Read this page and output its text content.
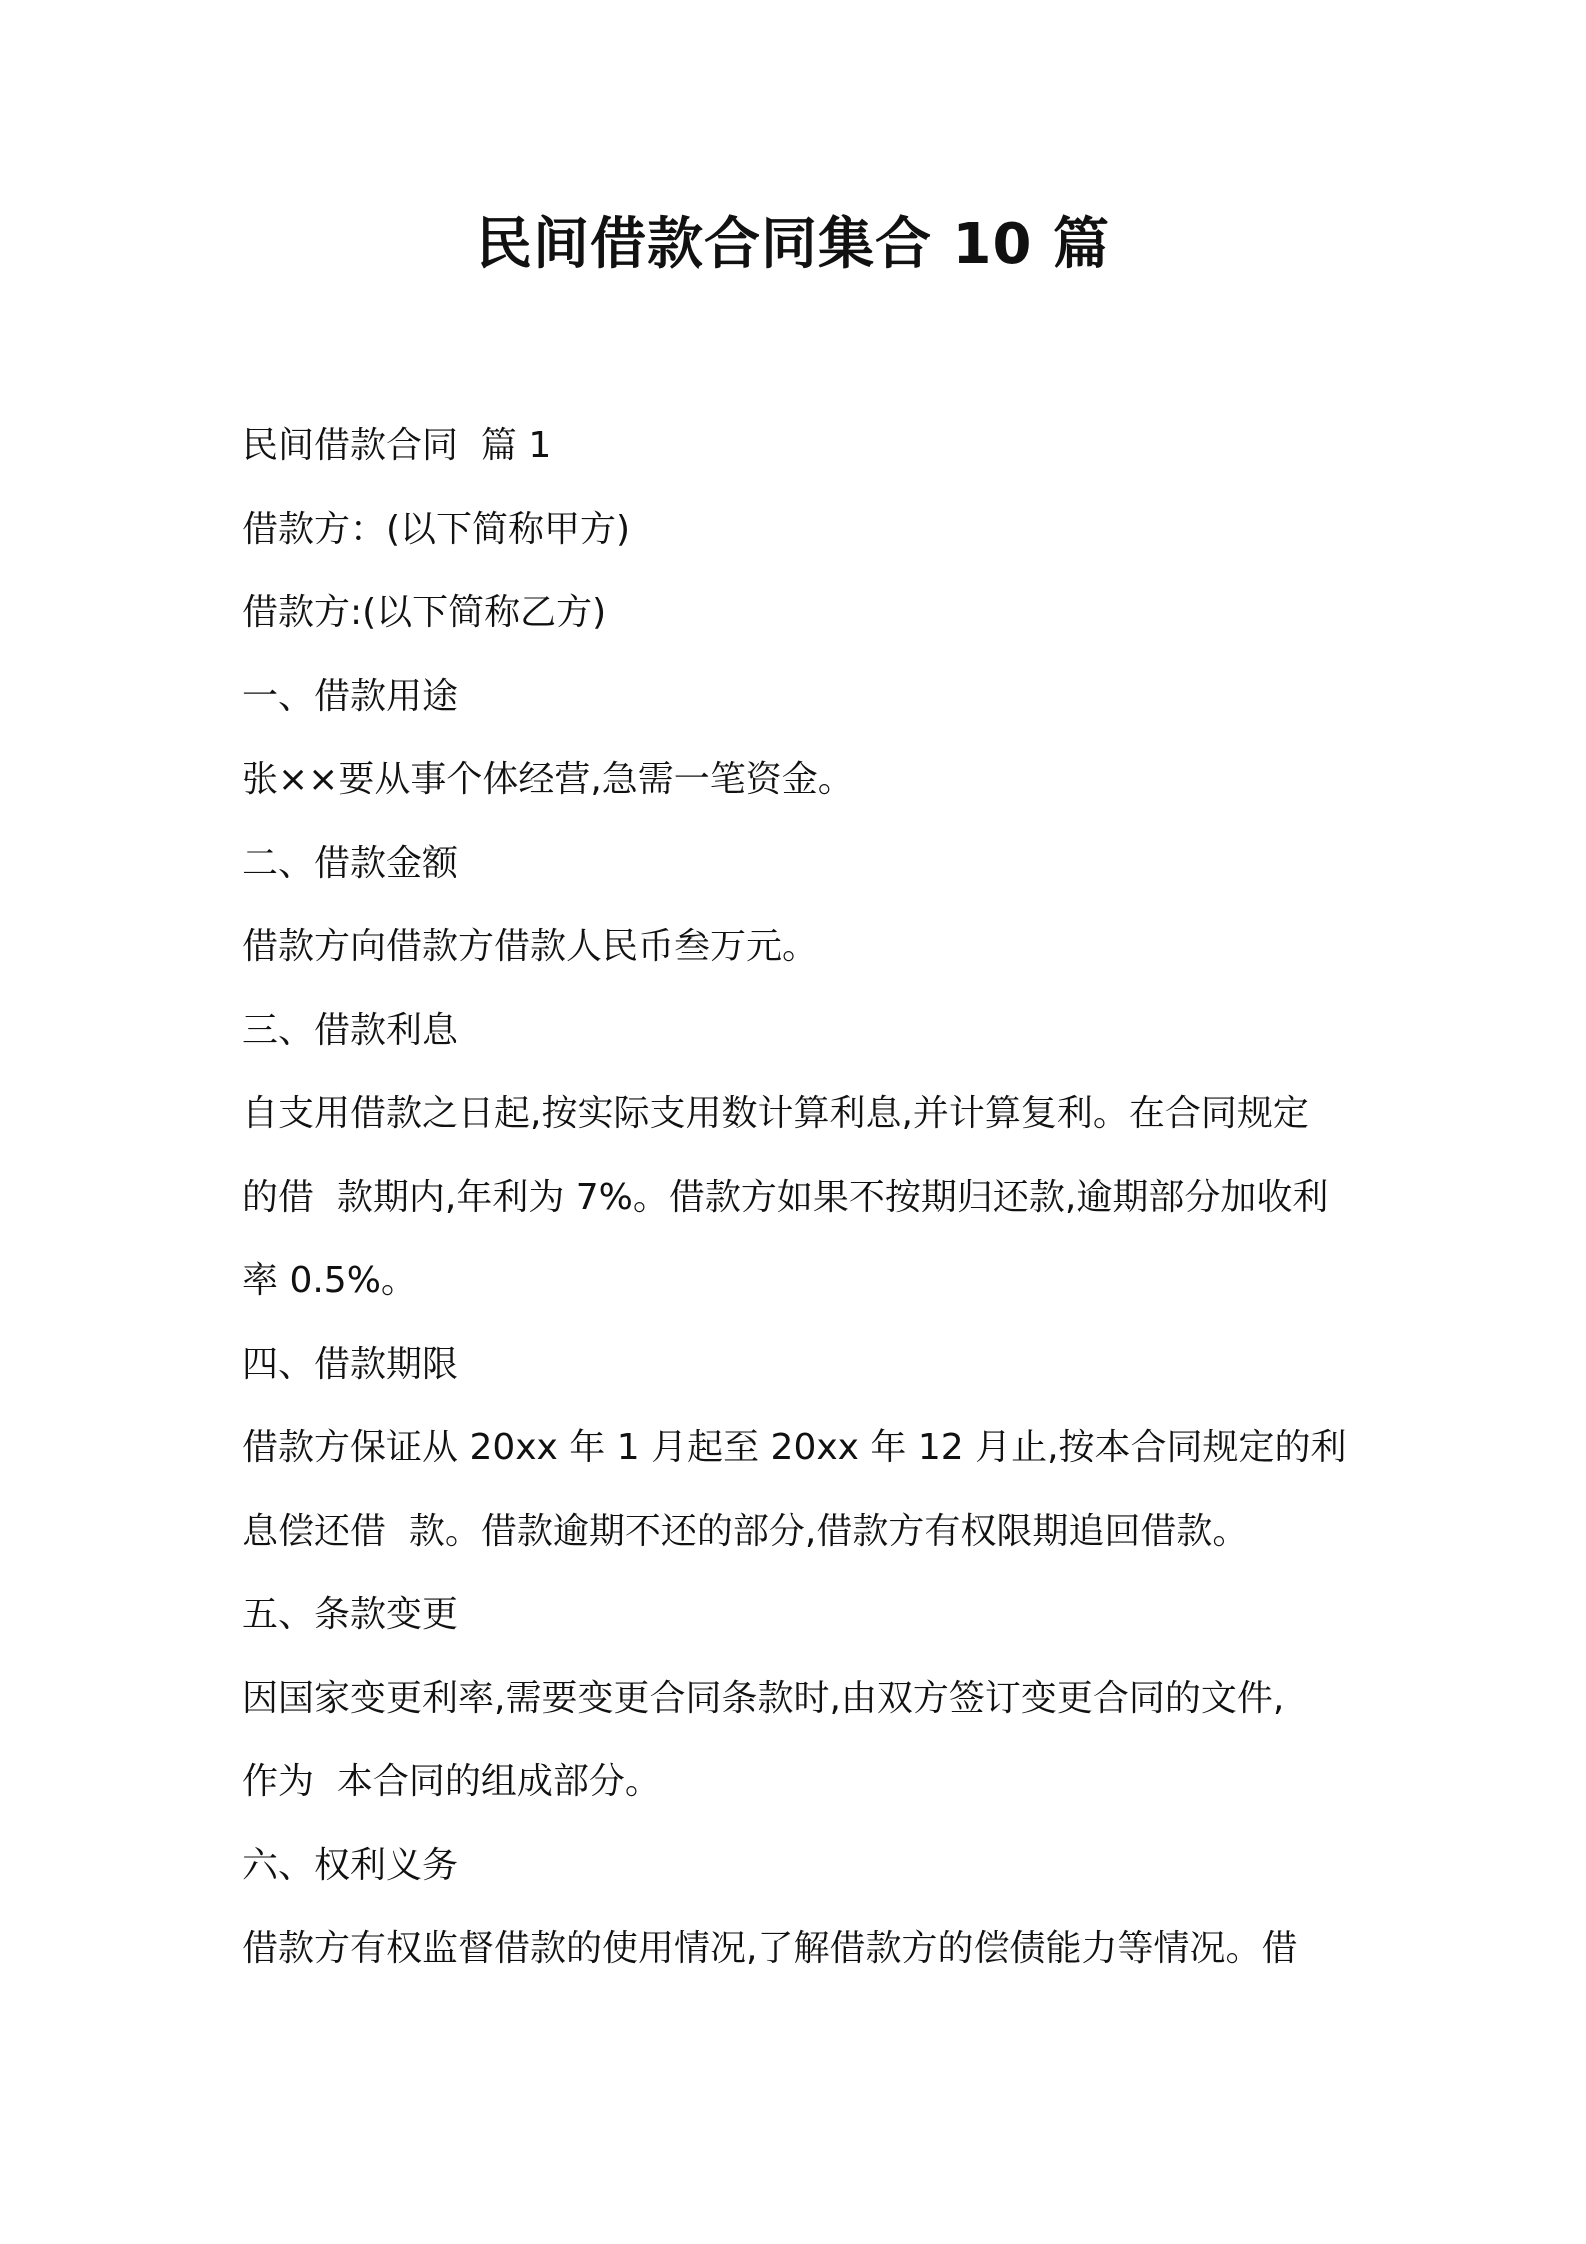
民间借款合同集合 10 篇

民间借款合同  篇 1

借款方：(以下简称甲方)

借款方:(以下简称乙方)

一、借款用途

张××要从事个体经营,急需一笔资金。

二、借款金额

借款方向借款方借款人民币叁万元。

三、借款利息

自支用借款之日起,按实际支用数计算利息,并计算复利。在合同规定

的借  款期内,年利为 7%。借款方如果不按期归还款,逾期部分加收利

率 0.5%。

四、借款期限

借款方保证从 20xx 年 1 月起至 20xx 年 12 月止,按本合同规定的利

息偿还借  款。借款逾期不还的部分,借款方有权限期追回借款。

五、条款变更

因国家变更利率,需要变更合同条款时,由双方签订变更合同的文件,

作为  本合同的组成部分。

六、权利义务

借款方有权监督借款的使用情况,了解借款方的偿债能力等情况。借
